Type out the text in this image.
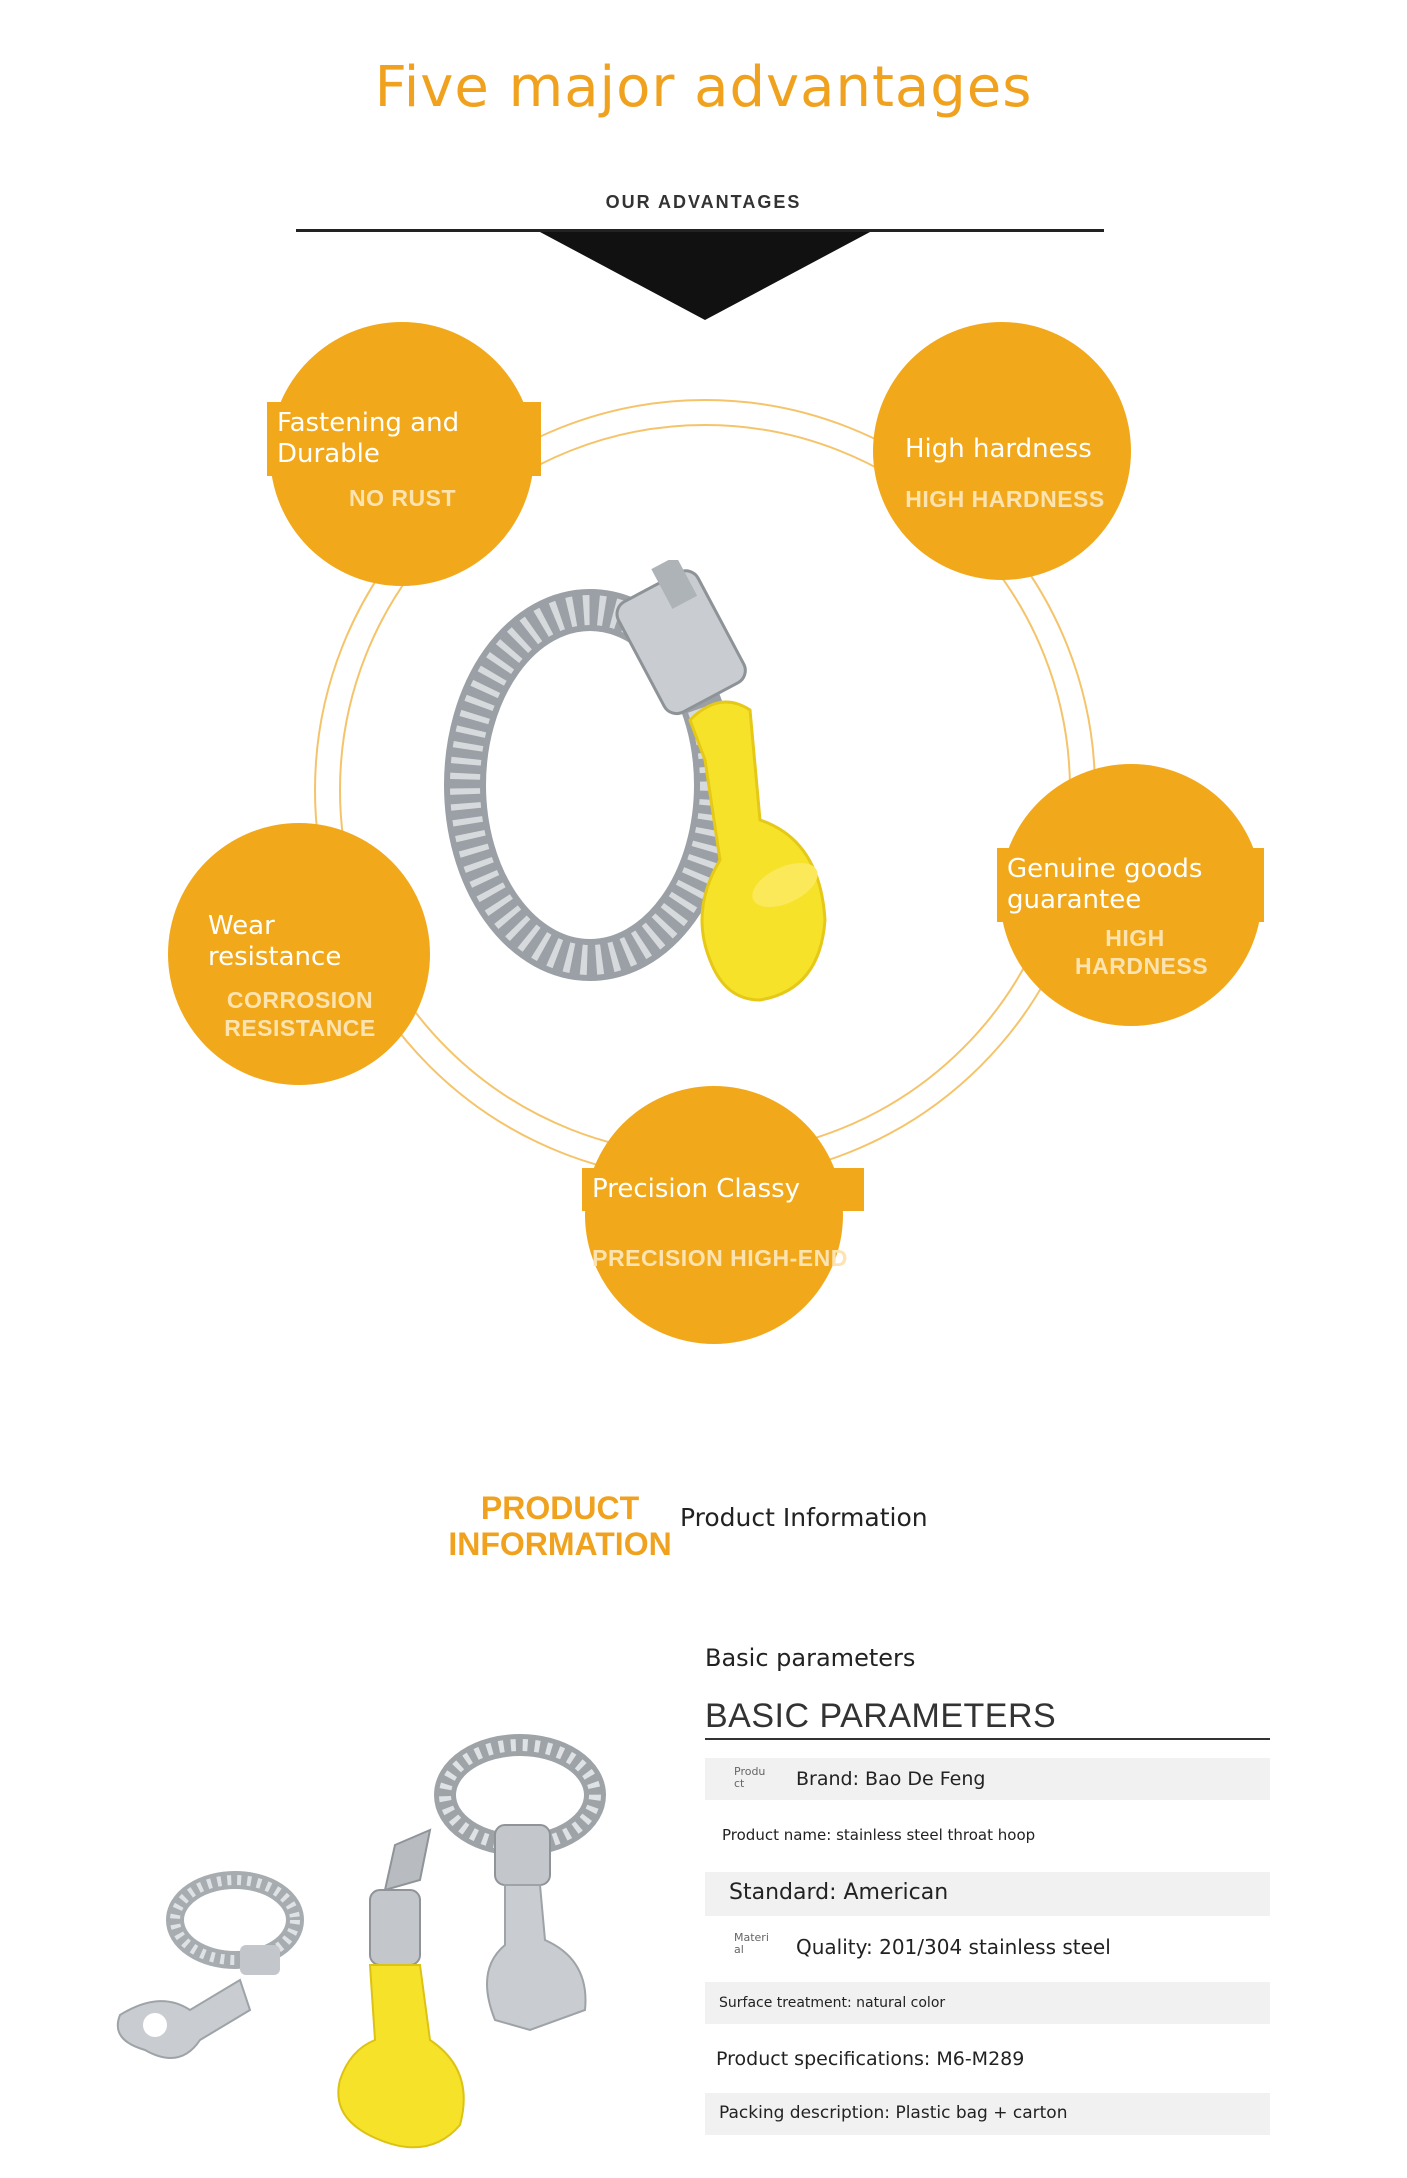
Five major advantages
OUR ADVANTAGES
Fastening and Durable
NO RUST
High hardness
HIGH HARDNESS
Genuine goods guarantee
HIGH HARDNESS
Wear resistance
CORROSION RESISTANCE
Precision Classy
PRECISION HIGH-END
PRODUCT
INFORMATION
Product Information
Basic parameters
BASIC PARAMETERS
Produ ct	Brand: Bao De Feng
Product name: stainless steel throat hoop
Standard: American
Materi al	Quality: 201/304 stainless steel
Surface treatment: natural color
Product specifications: M6-M289
Packing description: Plastic bag + carton
